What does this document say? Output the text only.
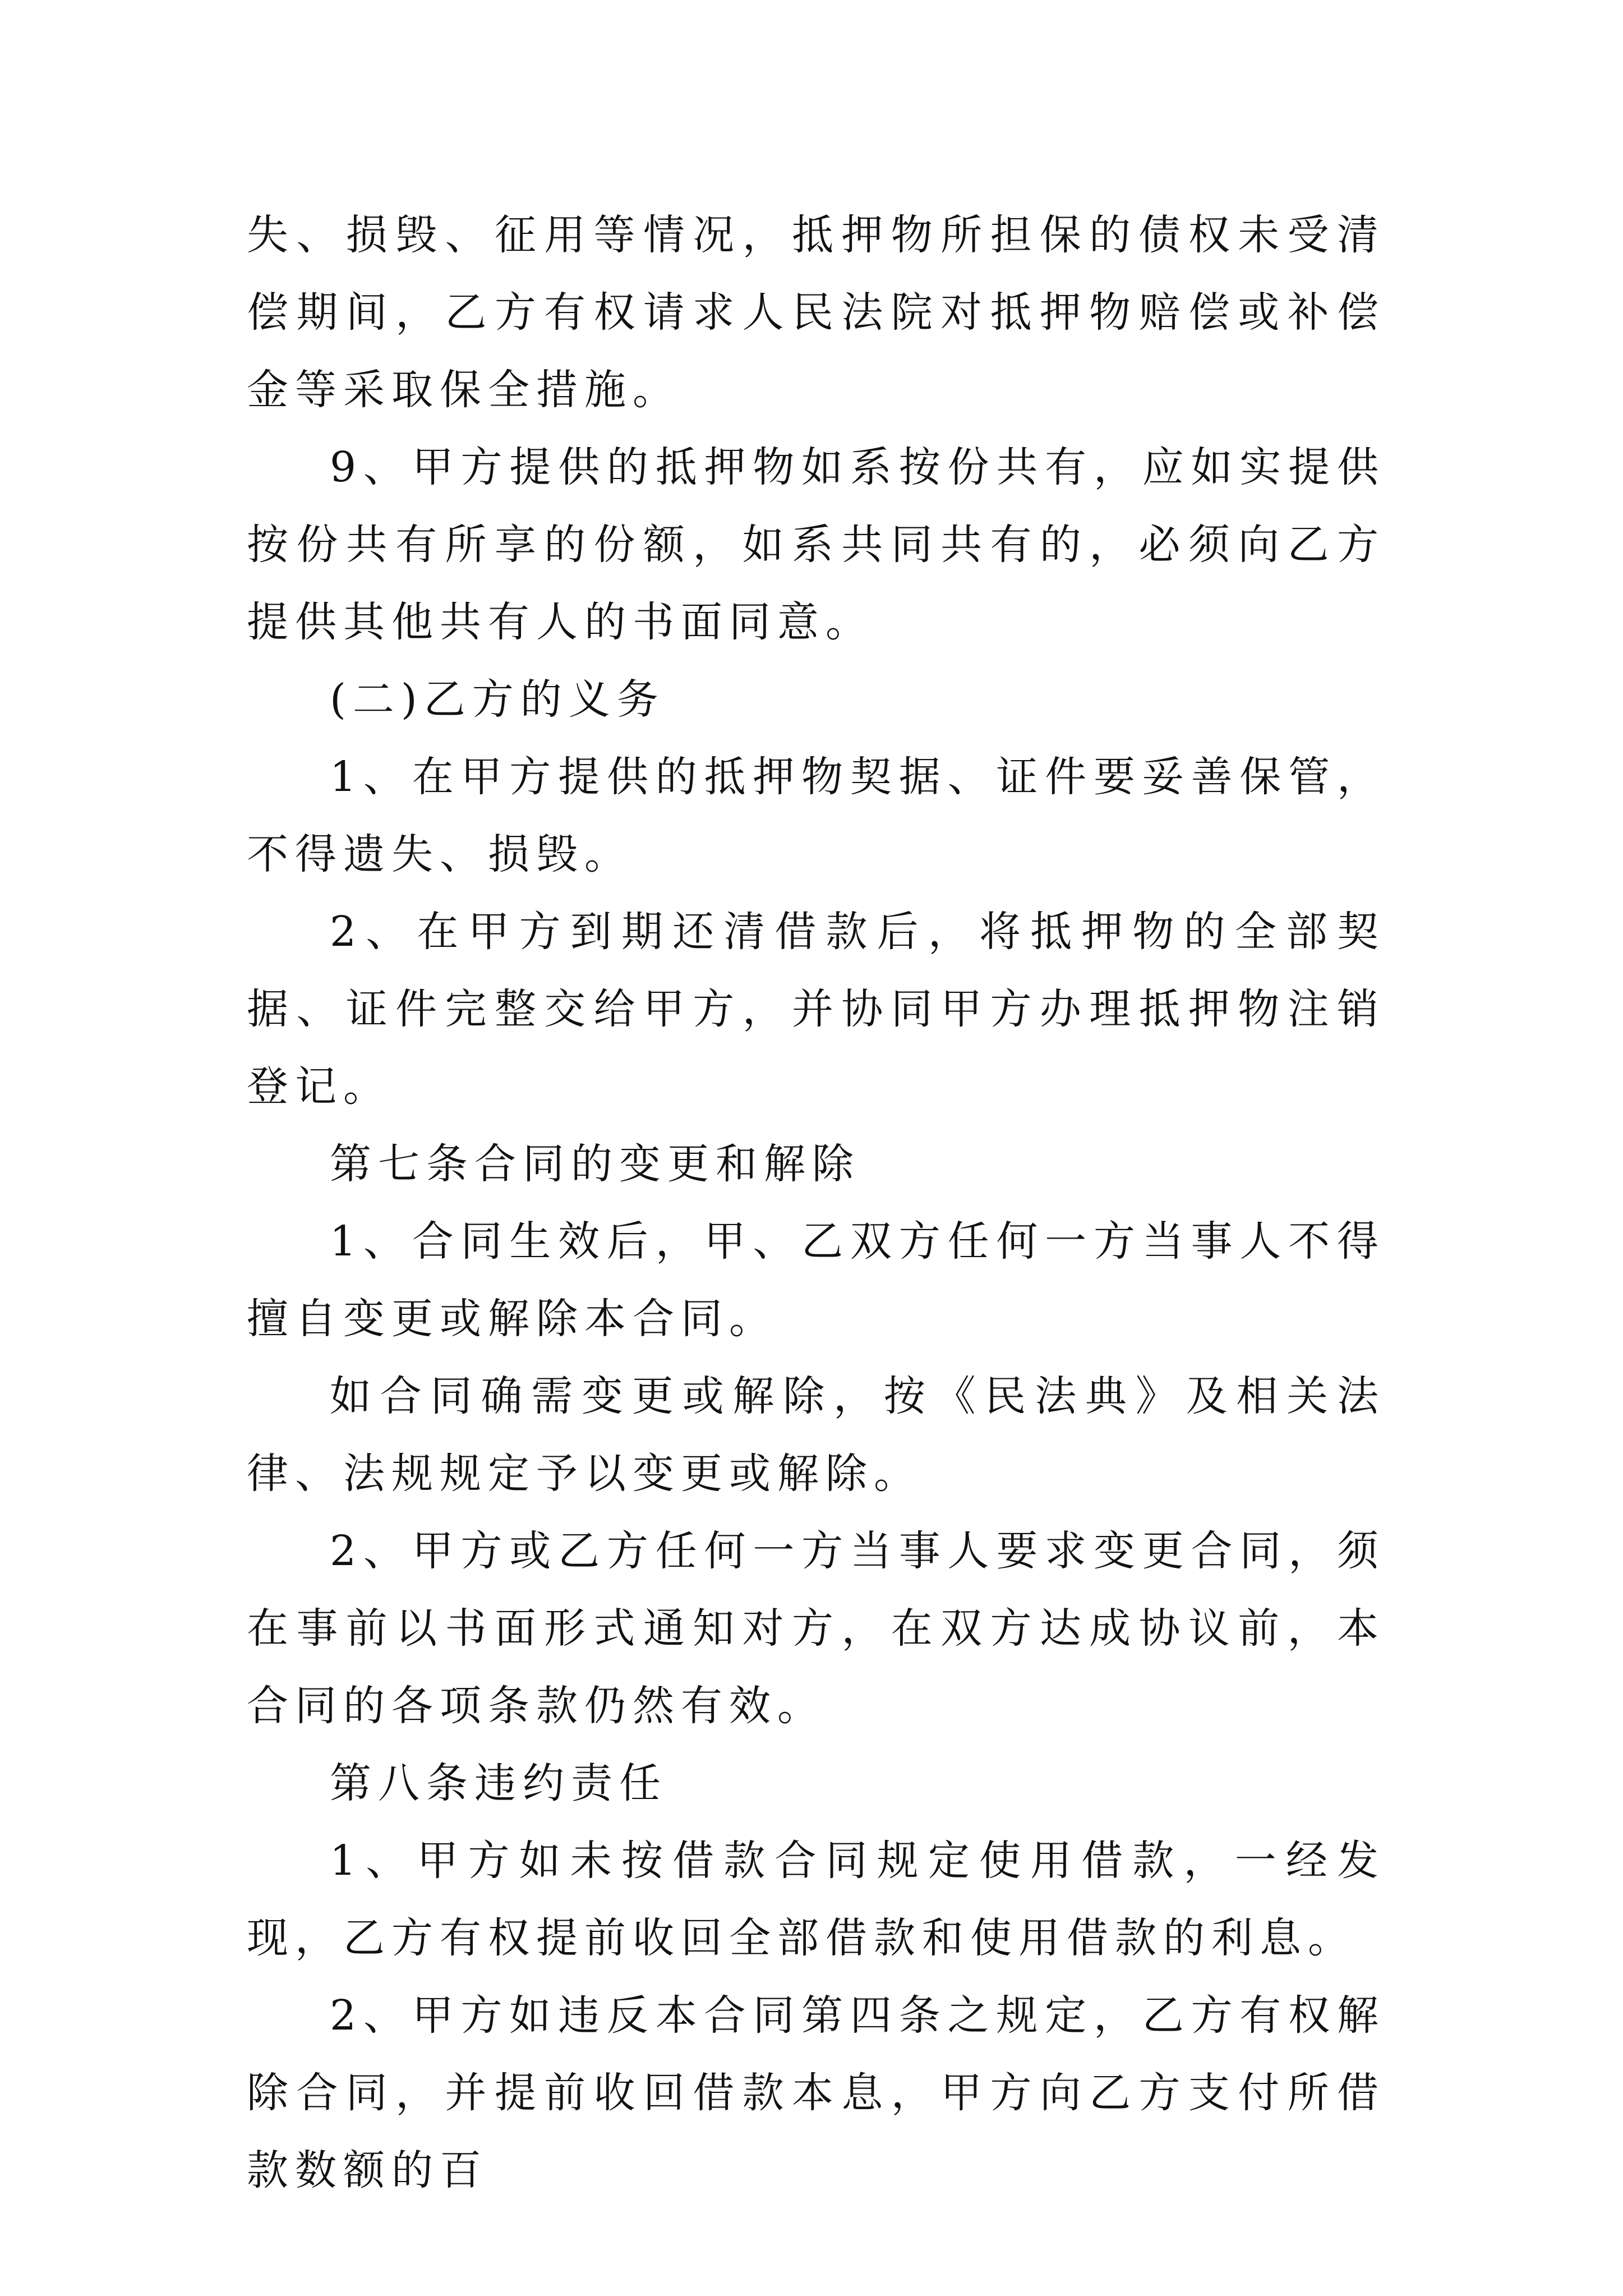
失、损毁、征用等情况，抵押物所担保的债权未受清偿期间，乙方有权请求人民法院对抵押物赔偿或补偿金等采取保全措施。

9、甲方提供的抵押物如系按份共有，应如实提供按份共有所享的份额，如系共同共有的，必须向乙方提供其他共有人的书面同意。

(二)乙方的义务

1、在甲方提供的抵押物契据、证件要妥善保管，不得遗失、损毁。

2、在甲方到期还清借款后，将抵押物的全部契据、证件完整交给甲方，并协同甲方办理抵押物注销登记。

第七条合同的变更和解除

1、合同生效后，甲、乙双方任何一方当事人不得擅自变更或解除本合同。

如合同确需变更或解除，按《民法典》及相关法律、法规规定予以变更或解除。

2、甲方或乙方任何一方当事人要求变更合同，须在事前以书面形式通知对方，在双方达成协议前，本合同的各项条款仍然有效。

第八条违约责任

1、甲方如未按借款合同规定使用借款，一经发现，乙方有权提前收回全部借款和使用借款的利息。

2、甲方如违反本合同第四条之规定，乙方有权解除合同，并提前收回借款本息，甲方向乙方支付所借款数额的百
